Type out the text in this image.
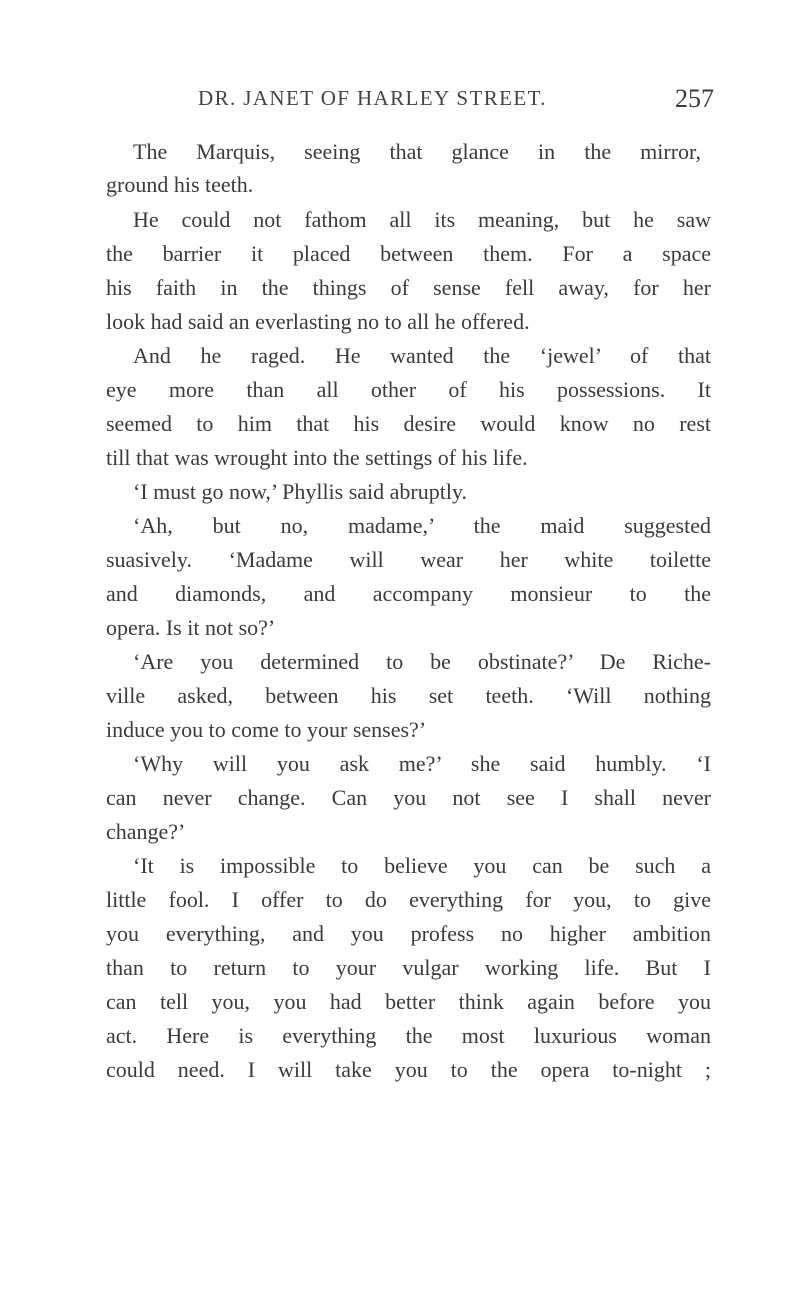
DR. JANET OF HARLEY STREET.	257
The Marquis, seeing that glance in the mirror,
ground his teeth.
He could not fathom all its meaning, but he saw
the barrier it placed between them. For a space
his faith in the things of sense fell away, for her
look had said an everlasting no to all he offered.
And he raged. He wanted the ‘jewel’ of that
eye more than all other of his possessions. It
seemed to him that his desire would know no rest
till that was wrought into the settings of his life.
‘I must go now,’ Phyllis said abruptly.
‘Ah, but no, madame,’ the maid suggested
suasively. ‘Madame will wear her white toilette
and diamonds, and accompany monsieur to the
opera. Is it not so?’
‘Are you determined to be obstinate?’ De Riche-
ville asked, between his set teeth. ‘Will nothing
induce you to come to your senses?’
‘Why will you ask me?’ she said humbly. ‘I
can never change. Can you not see I shall never
change?’
‘It is impossible to believe you can be such a
little fool. I offer to do everything for you, to give
you everything, and you profess no higher ambition
than to return to your vulgar working life. But I
can tell you, you had better think again before you
act. Here is everything the most luxurious woman
could need. I will take you to the opera to-night ;
